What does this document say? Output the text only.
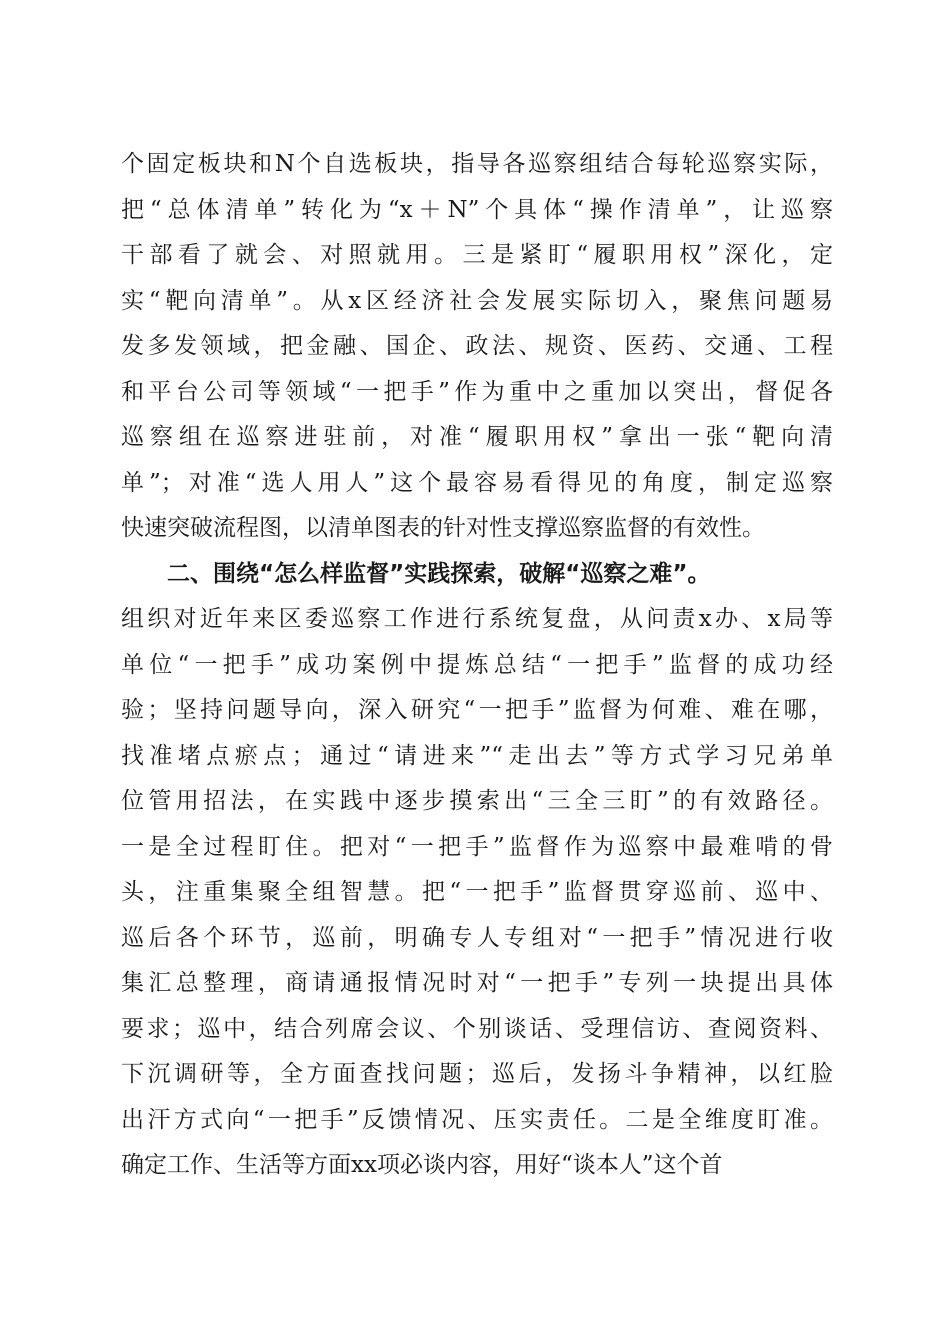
个固定板块和N个自选板块，指导各巡察组结合每轮巡察实际，
把“总体清单”转化为“x＋N”个具体“操作清单”，让巡察
干部看了就会、对照就用。三是紧盯“履职用权”深化，定
实“靶向清单”。从x区经济社会发展实际切入，聚焦问题易
发多发领域，把金融、国企、政法、规资、医药、交通、工程
和平台公司等领域“一把手”作为重中之重加以突出，督促各
巡察组在巡察进驻前，对准“履职用权”拿出一张“靶向清
单”；对准“选人用人”这个最容易看得见的角度，制定巡察
快速突破流程图，以清单图表的针对性支撑巡察监督的有效性。
二、围绕“怎么样监督”实践探索，破解“巡察之难”。
组织对近年来区委巡察工作进行系统复盘，从问责x办、x局等
单位“一把手”成功案例中提炼总结“一把手”监督的成功经
验；坚持问题导向，深入研究“一把手”监督为何难、难在哪，
找准堵点瘀点；通过“请进来”“走出去”等方式学习兄弟单
位管用招法，在实践中逐步摸索出“三全三盯”的有效路径。
一是全过程盯住。把对“一把手”监督作为巡察中最难啃的骨
头，注重集聚全组智慧。把“一把手”监督贯穿巡前、巡中、
巡后各个环节，巡前，明确专人专组对“一把手”情况进行收
集汇总整理，商请通报情况时对“一把手”专列一块提出具体
要求；巡中，结合列席会议、个别谈话、受理信访、查阅资料、
下沉调研等，全方面查找问题；巡后，发扬斗争精神，以红脸
出汗方式向“一把手”反馈情况、压实责任。二是全维度盯准。
确定工作、生活等方面xx项必谈内容，用好“谈本人”这个首
